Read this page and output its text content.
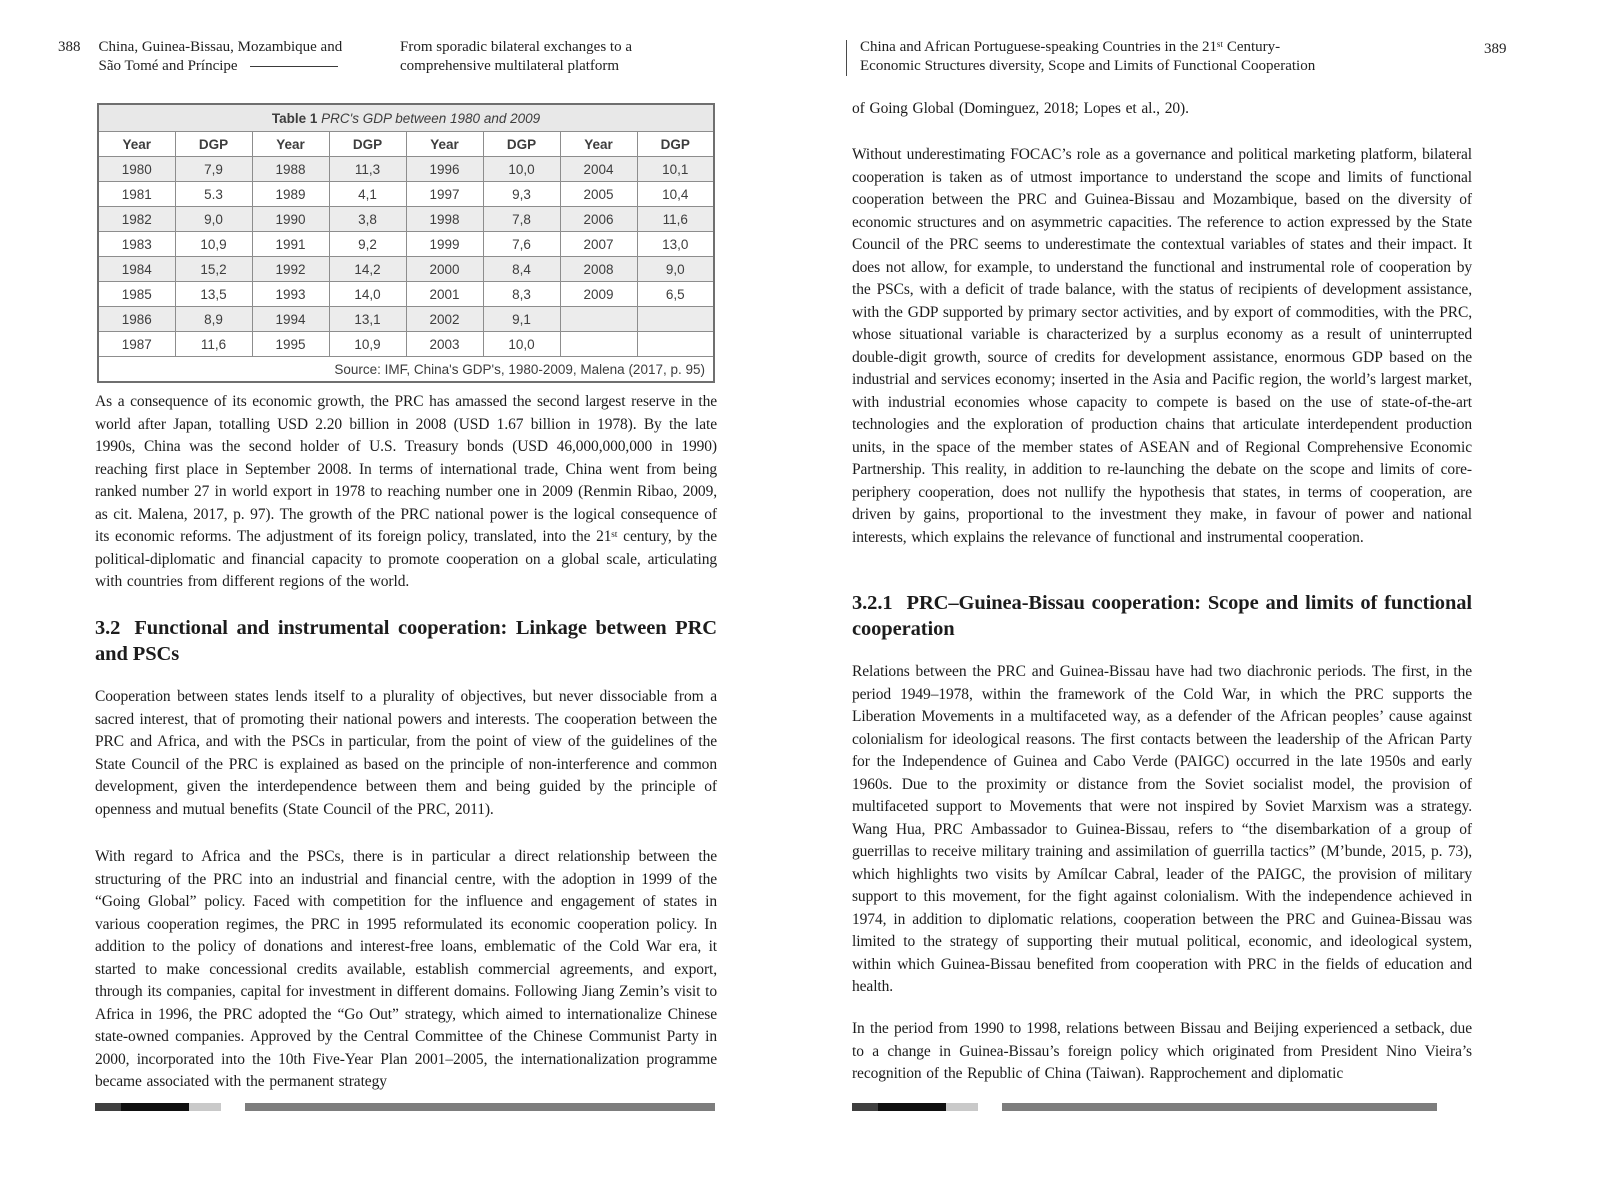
388 China, Guinea-Bissau, Mozambique and
São Tomé and Príncipe
From sporadic bilateral exchanges to a
comprehensive multilateral platform
Table 1 PRC's GDP between 1980 and 2009							
Year	DGP	Year	DGP	Year	DGP	Year	DGP
1980	7,9	1988	11,3	1996	10,0	2004	10,1
1981	5.3	1989	4,1	1997	9,3	2005	10,4
1982	9,0	1990	3,8	1998	7,8	2006	11,6
1983	10,9	1991	9,2	1999	7,6	2007	13,0
1984	15,2	1992	14,2	2000	8,4	2008	9,0
1985	13,5	1993	14,0	2001	8,3	2009	6,5
1986	8,9	1994	13,1	2002	9,1		
1987	11,6	1995	10,9	2003	10,0		
Source: IMF, China's GDP's, 1980-2009, Malena (2017, p. 95)							
As a consequence of its economic growth, the PRC has amassed the second largest reserve in the world after Japan, totalling USD 2.20 billion in 2008 (USD 1.67 billion in 1978). By the late 1990s, China was the second holder of U.S. Treasury bonds (USD 46,000,000,000 in 1990) reaching first place in September 2008. In terms of international trade, China went from being ranked number 27 in world export in 1978 to reaching number one in 2009 (Renmin Ribao, 2009, as cit. Malena, 2017, p. 97). The growth of the PRC national power is the logical consequence of its economic reforms. The adjustment of its foreign policy, translated, into the 21ˢᵗ century, by the political-diplomatic and financial capacity to promote cooperation on a global scale, articulating with countries from different regions of the world.
3.2 Functional and instrumental cooperation: Linkage between PRC and PSCs
Cooperation between states lends itself to a plurality of objectives, but never dissociable from a sacred interest, that of promoting their national powers and interests. The cooperation between the PRC and Africa, and with the PSCs in particular, from the point of view of the guidelines of the State Council of the PRC is explained as based on the principle of non-interference and common development, given the interdependence between them and being guided by the principle of openness and mutual benefits (State Council of the PRC, 2011).
With regard to Africa and the PSCs, there is in particular a direct relationship between the structuring of the PRC into an industrial and financial centre, with the adoption in 1999 of the “Going Global” policy. Faced with competition for the influence and engagement of states in various cooperation regimes, the PRC in 1995 reformulated its economic cooperation policy. In addition to the policy of donations and interest-free loans, emblematic of the Cold War era, it started to make concessional credits available, establish commercial agreements, and export, through its companies, capital for investment in different domains. Following Jiang Zemin’s visit to Africa in 1996, the PRC adopted the “Go Out” strategy, which aimed to internationalize Chinese state-owned companies. Approved by the Central Committee of the Chinese Communist Party in 2000, incorporated into the 10th Five-Year Plan 2001–2005, the internationalization programme became associated with the permanent strategy
China and African Portuguese-speaking Countries in the 21ˢᵗ Century-
Economic Structures diversity, Scope and Limits of Functional Cooperation
389
of Going Global (Dominguez, 2018; Lopes et al., 20).
Without underestimating FOCAC’s role as a governance and political marketing platform, bilateral cooperation is taken as of utmost importance to understand the scope and limits of functional cooperation between the PRC and Guinea-Bissau and Mozambique, based on the diversity of economic structures and on asymmetric capacities. The reference to action expressed by the State Council of the PRC seems to underestimate the contextual variables of states and their impact. It does not allow, for example, to understand the functional and instrumental role of cooperation by the PSCs, with a deficit of trade balance, with the status of recipients of development assistance, with the GDP supported by primary sector activities, and by export of commodities, with the PRC, whose situational variable is characterized by a surplus economy as a result of uninterrupted double-digit growth, source of credits for development assistance, enormous GDP based on the industrial and services economy; inserted in the Asia and Pacific region, the world’s largest market, with industrial economies whose capacity to compete is based on the use of state-of-the-art technologies and the exploration of production chains that articulate interdependent production units, in the space of the member states of ASEAN and of Regional Comprehensive Economic Partnership. This reality, in addition to re-launching the debate on the scope and limits of core-periphery cooperation, does not nullify the hypothesis that states, in terms of cooperation, are driven by gains, proportional to the investment they make, in favour of power and national interests, which explains the relevance of functional and instrumental cooperation.
3.2.1 PRC–Guinea-Bissau cooperation: Scope and limits of functional cooperation
Relations between the PRC and Guinea-Bissau have had two diachronic periods. The first, in the period 1949–1978, within the framework of the Cold War, in which the PRC supports the Liberation Movements in a multifaceted way, as a defender of the African peoples’ cause against colonialism for ideological reasons. The first contacts between the leadership of the African Party for the Independence of Guinea and Cabo Verde (PAIGC) occurred in the late 1950s and early 1960s. Due to the proximity or distance from the Soviet socialist model, the provision of multifaceted support to Movements that were not inspired by Soviet Marxism was a strategy. Wang Hua, PRC Ambassador to Guinea-Bissau, refers to “the disembarkation of a group of guerrillas to receive military training and assimilation of guerrilla tactics” (M’bunde, 2015, p. 73), which highlights two visits by Amílcar Cabral, leader of the PAIGC, the provision of military support to this movement, for the fight against colonialism. With the independence achieved in 1974, in addition to diplomatic relations, cooperation between the PRC and Guinea-Bissau was limited to the strategy of supporting their mutual political, economic, and ideological system, within which Guinea-Bissau benefited from cooperation with PRC in the fields of education and health.
In the period from 1990 to 1998, relations between Bissau and Beijing experienced a setback, due to a change in Guinea-Bissau’s foreign policy which originated from President Nino Vieira’s recognition of the Republic of China (Taiwan). Rapprochement and diplomatic
